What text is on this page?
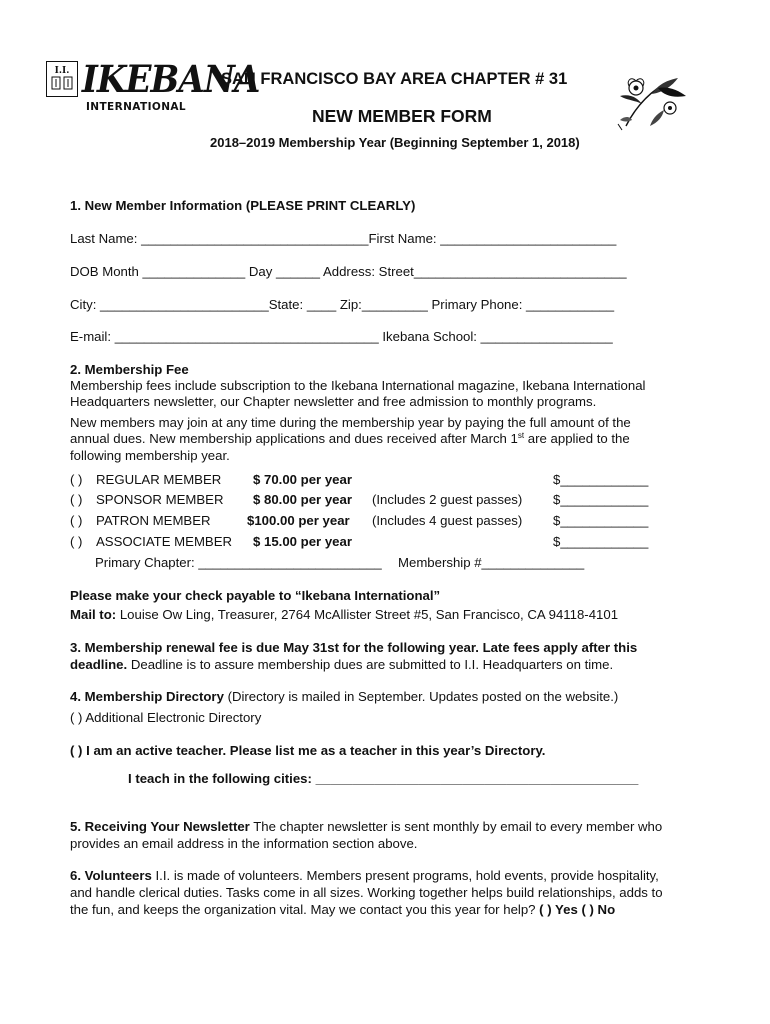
I.I. IKEBANA
INTERNATIONAL
SAN FRANCISCO BAY AREA CHAPTER # 31
NEW MEMBER FORM
2018–2019 Membership Year (Beginning September 1, 2018)
1. New Member Information (PLEASE PRINT CLEARLY)
Last Name: _______________________________First Name: ________________________
DOB Month ______________ Day ______ Address: Street_____________________________
City: _______________________State: ____ Zip:_________ Primary Phone: ____________
E-mail: ____________________________________ Ikebana School: __________________
2. Membership Fee
Membership fees include subscription to the Ikebana International magazine, Ikebana International
Headquarters newsletter, our Chapter newsletter and free admission to monthly programs.
New members may join at any time during the membership year by paying the full amount of the
annual dues. New membership applications and dues received after March 1st are applied to the
following membership year.
( ) REGULAR MEMBER $ 70.00 per year	$____________
( ) SPONSOR MEMBER $ 80.00 per year (Includes 2 guest passes) $____________
( ) PATRON MEMBER	$100.00 per year (Includes 4 guest passes) $____________
( ) ASSOCIATE MEMBER $ 15.00 per year	$____________
Primary Chapter: _________________________ Membership #______________
Please make your check payable to “Ikebana International”
Mail to: Louise Ow Ling, Treasurer, 2764 McAllister Street #5, San Francisco, CA 94118-4101
3. Membership renewal fee is due May 31st for the following year. Late fees apply after this
deadline. Deadline is to assure membership dues are submitted to I.I. Headquarters on time.
4. Membership Directory (Directory is mailed in September. Updates posted on the website.)
( ) Additional Electronic Directory
( ) I am an active teacher. Please list me as a teacher in this year’s Directory.
I teach in the following cities: ____________________________________________
5. Receiving Your Newsletter The chapter newsletter is sent monthly by email to every member who
provides an email address in the information section above.
6. Volunteers I.I. is made of volunteers. Members present programs, hold events, provide hospitality,
and handle clerical duties. Tasks come in all sizes. Working together helps build relationships, adds to
the fun, and keeps the organization vital. May we contact you this year for help? ( ) Yes ( ) No
